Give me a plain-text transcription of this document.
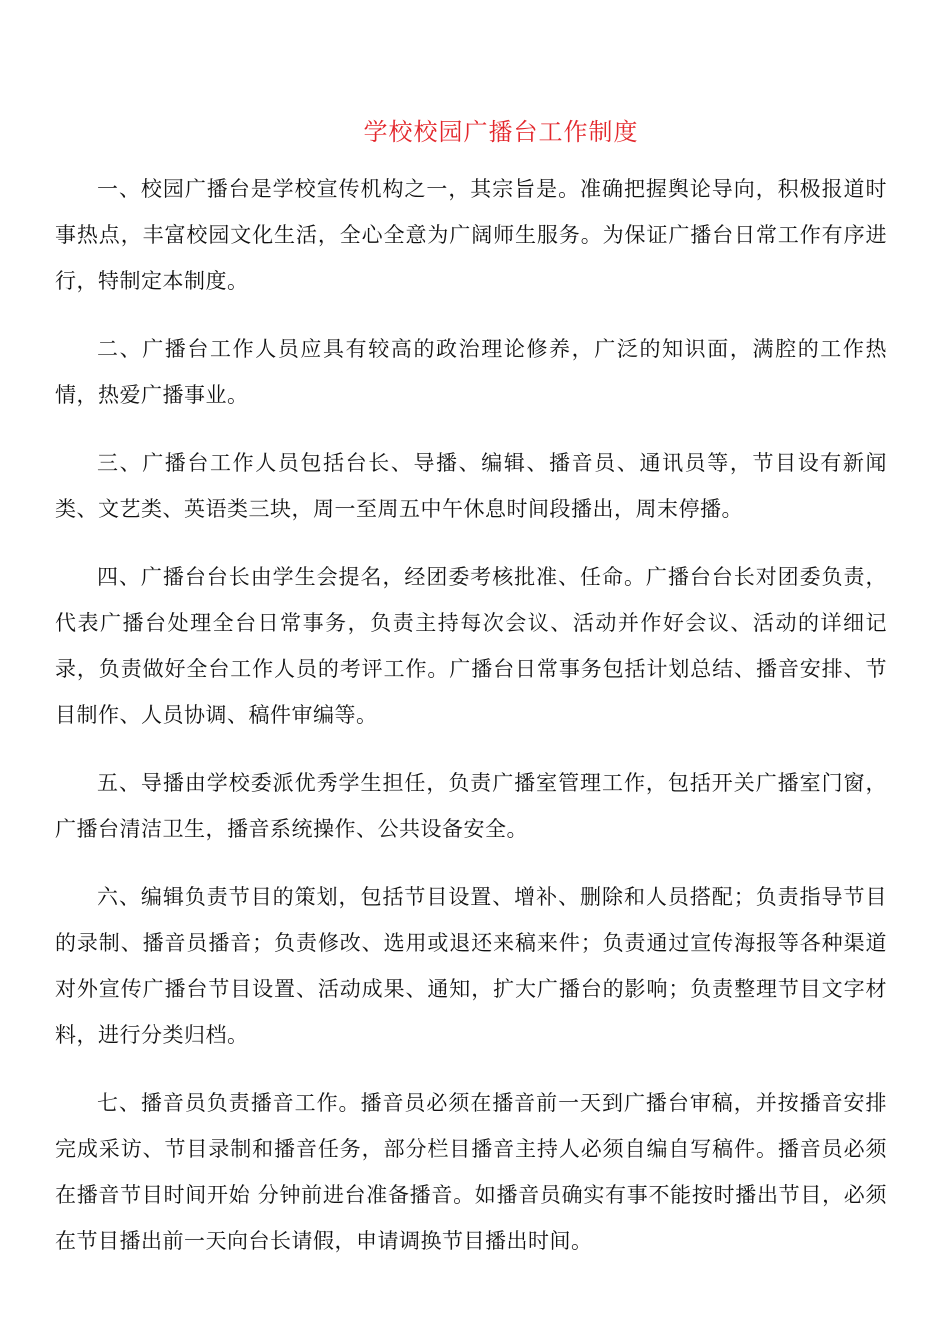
学校校园广播台工作制度

一、校园广播台是学校宣传机构之一，其宗旨是。准确把握舆论导向，积极报道时事热点，丰富校园文化生活，全心全意为广阔师生服务。为保证广播台日常工作有序进行，特制定本制度。

二、广播台工作人员应具有较高的政治理论修养，广泛的知识面，满腔的工作热情，热爱广播事业。

三、广播台工作人员包括台长、导播、编辑、播音员、通讯员等，节目设有新闻类、文艺类、英语类三块，周一至周五中午休息时间段播出，周末停播。

四、广播台台长由学生会提名，经团委考核批准、任命。广播台台长对团委负责，代表广播台处理全台日常事务，负责主持每次会议、活动并作好会议、活动的详细记录，负责做好全台工作人员的考评工作。广播台日常事务包括计划总结、播音安排、节目制作、人员协调、稿件审编等。

五、导播由学校委派优秀学生担任，负责广播室管理工作，包括开关广播室门窗，广播台清洁卫生，播音系统操作、公共设备安全。

六、编辑负责节目的策划，包括节目设置、增补、删除和人员搭配；负责指导节目的录制、播音员播音；负责修改、选用或退还来稿来件；负责通过宣传海报等各种渠道对外宣传广播台节目设置、活动成果、通知，扩大广播台的影响；负责整理节目文字材料，进行分类归档。

七、播音员负责播音工作。播音员必须在播音前一天到广播台审稿，并按播音安排完成采访、节目录制和播音任务，部分栏目播音主持人必须自编自写稿件。播音员必须在播音节目时间开始 分钟前进台准备播音。如播音员确实有事不能按时播出节目，必须在节目播出前一天向台长请假，申请调换节目播出时间。
